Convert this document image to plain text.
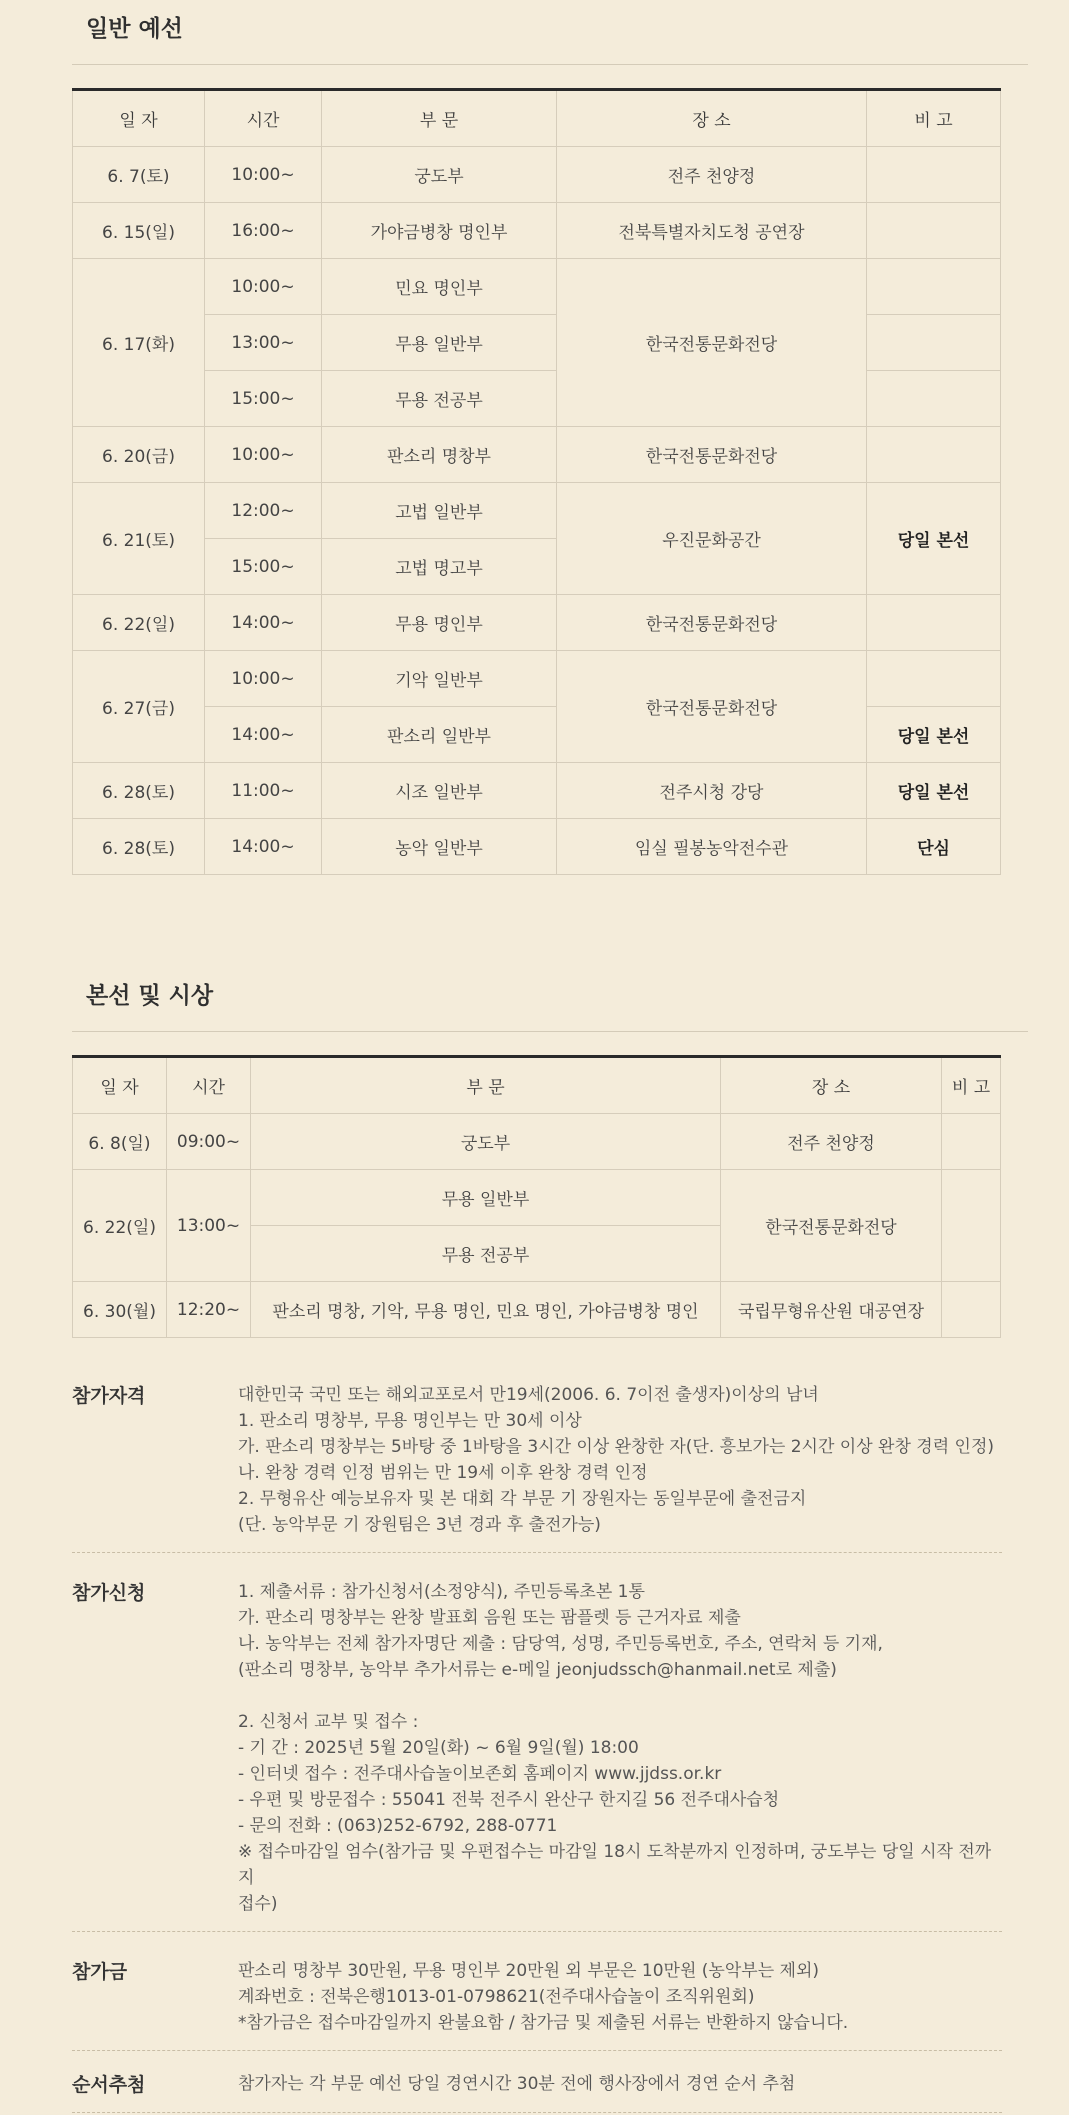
일반 예선
일 자	시간	부 문	장 소	비 고
6. 7(토)	10:00~	궁도부	전주 천양정	
6. 15(일)	16:00~	가야금병창 명인부	전북특별자치도청 공연장	
6. 17(화)	10:00~	민요 명인부	한국전통문화전당	
	13:00~	무용 일반부		
	15:00~	무용 전공부		
6. 20(금)	10:00~	판소리 명창부	한국전통문화전당	
6. 21(토)	12:00~	고법 일반부	우진문화공간	당일 본선
	15:00~	고법 명고부		
6. 22(일)	14:00~	무용 명인부	한국전통문화전당	
6. 27(금)	10:00~	기악 일반부	한국전통문화전당	
	14:00~	판소리 일반부		당일 본선
6. 28(토)	11:00~	시조 일반부	전주시청 강당	당일 본선
6. 28(토)	14:00~	농악 일반부	임실 필봉농악전수관	단심
본선 및 시상
일 자	시간	부 문	장 소	비 고
6. 8(일)	09:00~	궁도부	전주 천양정	
6. 22(일)	13:00~	무용 일반부	한국전통문화전당	
		무용 전공부		
6. 30(월)	12:20~	판소리 명창, 기악, 무용 명인, 민요 명인, 가야금병창 명인	국립무형유산원 대공연장	
참가자격	대한민국 국민 또는 해외교포로서 만19세(2006. 6. 7이전 출생자)이상의 남녀
1. 판소리 명창부, 무용 명인부는 만 30세 이상
가. 판소리 명창부는 5바탕 중 1바탕을 3시간 이상 완창한 자(단. 흥보가는 2시간 이상 완창 경력 인정)
나. 완창 경력 인정 범위는 만 19세 이후 완창 경력 인정
2. 무형유산 예능보유자 및 본 대회 각 부문 기 장원자는 동일부문에 출전금지
(단. 농악부문 기 장원팀은 3년 경과 후 출전가능)
참가신청	1. 제출서류 : 참가신청서(소정양식), 주민등록초본 1통
가. 판소리 명창부는 완창 발표회 음원 또는 팜플렛 등 근거자료 제출
나. 농악부는 전체 참가자명단 제출 : 담당역, 성명, 주민등록번호, 주소, 연락처 등 기재,
(판소리 명창부, 농악부 추가서류는 e-메일 jeonjudssch@hanmail.net로 제출)
2. 신청서 교부 및 접수 :
- 기 간 : 2025년 5월 20일(화) ~ 6월 9일(월) 18:00
- 인터넷 접수 : 전주대사습놀이보존회 홈페이지 www.jjdss.or.kr
- 우편 및 방문접수 : 55041 전북 전주시 완산구 한지길 56 전주대사습청
- 문의 전화 : (063)252-6792, 288-0771
※ 접수마감일 엄수(참가금 및 우편접수는 마감일 18시 도착분까지 인정하며, 궁도부는 당일 시작 전까지
접수)
참가금	판소리 명창부 30만원, 무용 명인부 20만원 외 부문은 10만원 (농악부는 제외)
계좌번호 : 전북은행1013-01-0798621(전주대사습놀이 조직위원회)
*참가금은 접수마감일까지 완불요함 / 참가금 및 제출된 서류는 반환하지 않습니다.
순서추첨	참가자는 각 부문 예선 당일 경연시간 30분 전에 행사장에서 경연 순서 추첨
